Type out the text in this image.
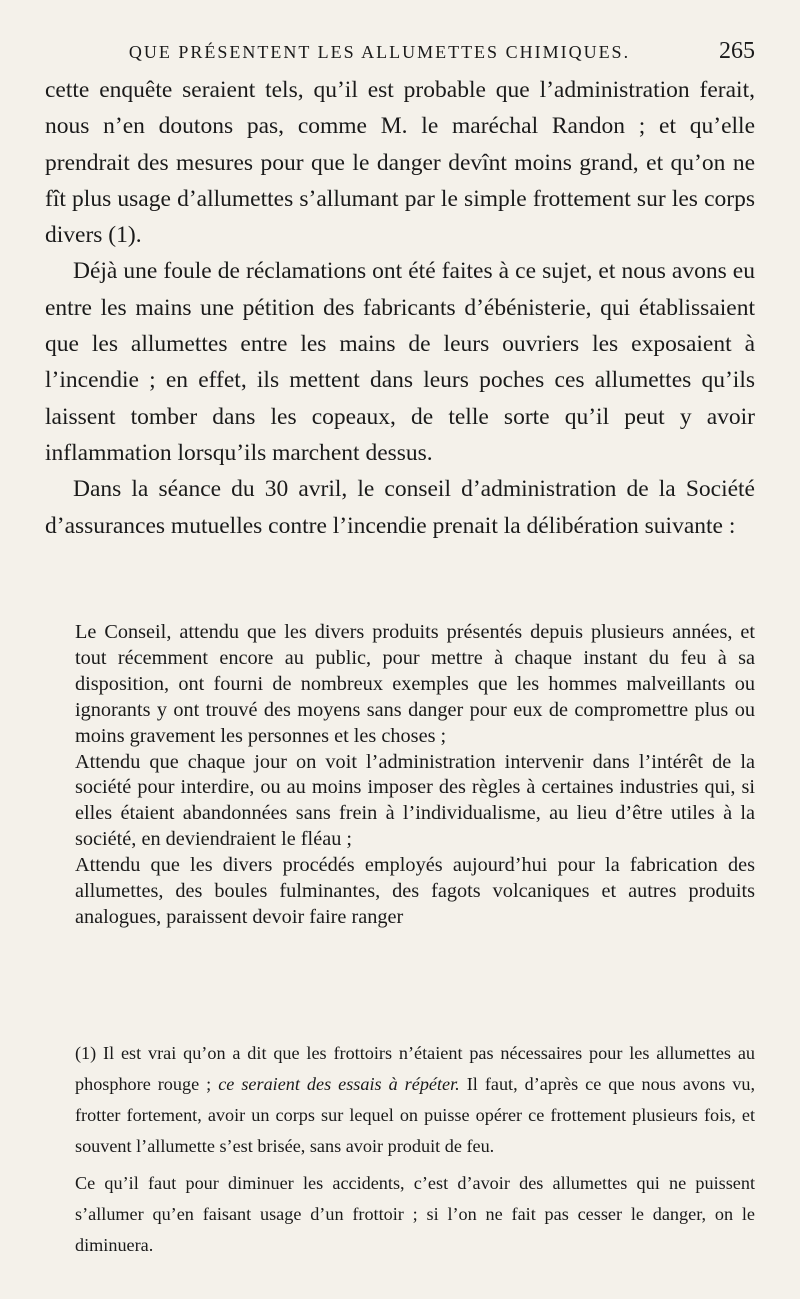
QUE PRÉSENTENT LES ALLUMETTES CHIMIQUES.	265

cette enquête seraient tels, qu’il est probable que l’administration ferait, nous n’en doutons pas, comme M. le maréchal Randon ; et qu’elle prendrait des mesures pour que le danger devînt moins grand, et qu’on ne fît plus usage d’allumettes s’allumant par le simple frottement sur les corps divers (1).

Déjà une foule de réclamations ont été faites à ce sujet, et nous avons eu entre les mains une pétition des fabricants d’ébénisterie, qui établissaient que les allumettes entre les mains de leurs ouvriers les exposaient à l’incendie ; en effet, ils mettent dans leurs poches ces allumettes qu’ils laissent tomber dans les copeaux, de telle sorte qu’il peut y avoir inflammation lorsqu’ils marchent dessus.

Dans la séance du 30 avril, le conseil d’administration de la Société d’assurances mutuelles contre l’incendie prenait la délibération suivante :

Le Conseil, attendu que les divers produits présentés depuis plusieurs années, et tout récemment encore au public, pour mettre à chaque instant du feu à sa disposition, ont fourni de nombreux exemples que les hommes malveillants ou ignorants y ont trouvé des moyens sans danger pour eux de compromettre plus ou moins gravement les personnes et les choses ;

Attendu que chaque jour on voit l’administration intervenir dans l’intérêt de la société pour interdire, ou au moins imposer des règles à certaines industries qui, si elles étaient abandonnées sans frein à l’individualisme, au lieu d’être utiles à la société, en deviendraient le fléau ;

Attendu que les divers procédés employés aujourd’hui pour la fabrication des allumettes, des boules fulminantes, des fagots volcaniques et autres produits analogues, paraissent devoir faire ranger

(1) Il est vrai qu’on a dit que les frottoirs n’étaient pas nécessaires pour les allumettes au phosphore rouge ; ce seraient des essais à répéter. Il faut, d’après ce que nous avons vu, frotter fortement, avoir un corps sur lequel on puisse opérer ce frottement plusieurs fois, et souvent l’allumette s’est brisée, sans avoir produit de feu.

Ce qu’il faut pour diminuer les accidents, c’est d’avoir des allumettes qui ne puissent s’allumer qu’en faisant usage d’un frottoir ; si l’on ne fait pas cesser le danger, on le diminuera.
